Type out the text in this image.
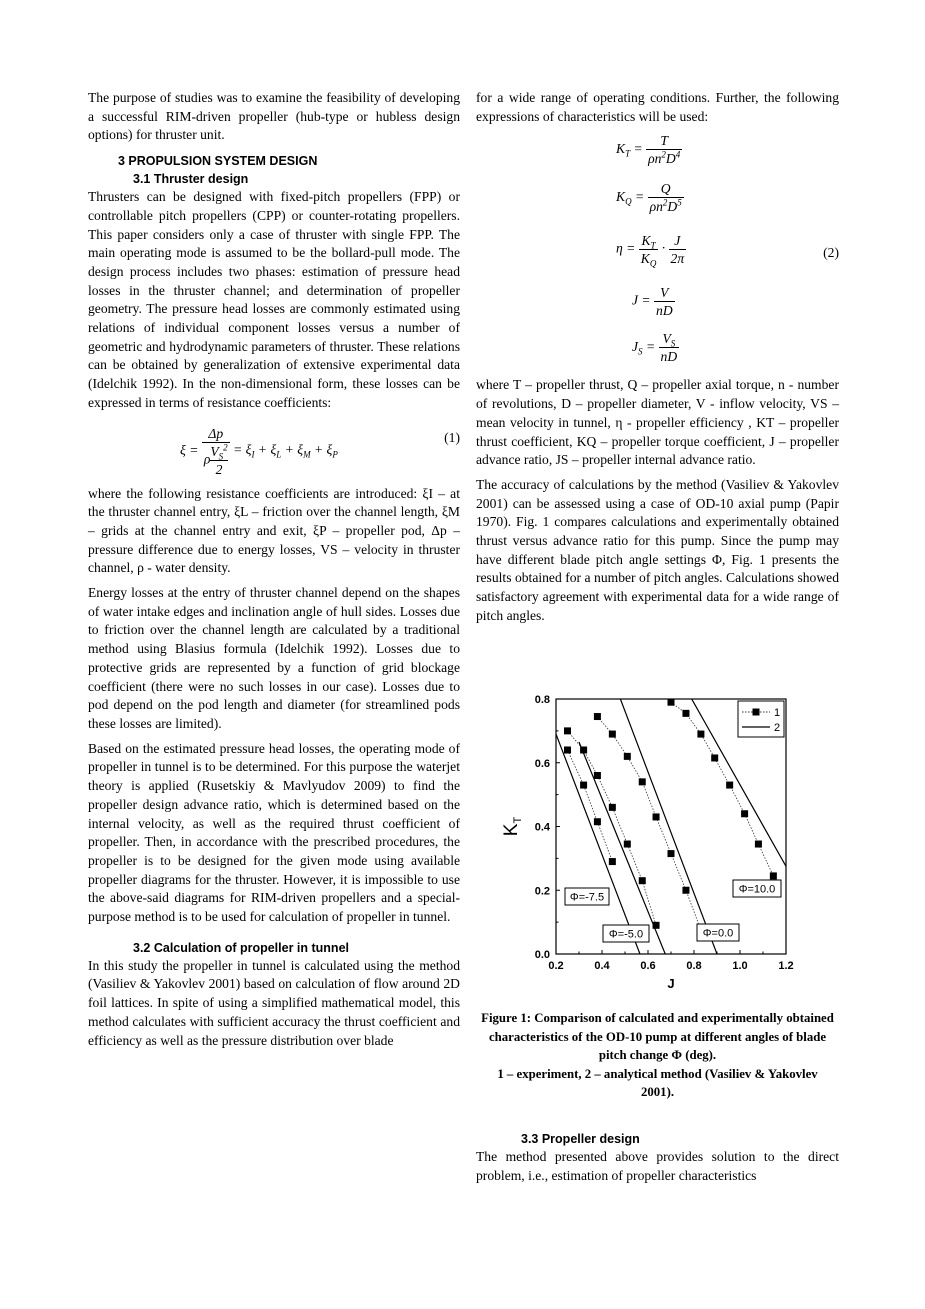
The purpose of studies was to examine the feasibility of developing a successful RIM-driven propeller (hub-type or hubless design options) for thruster unit.

3 PROPULSION SYSTEM DESIGN
3.1 Thruster design

Thrusters can be designed with fixed-pitch propellers (FPP) or controllable pitch propellers (CPP) or counter-rotating propellers. This paper considers only a case of thruster with single FPP. The main operating mode is assumed to be the bollard-pull mode. The design process includes two phases: estimation of pressure head losses in the thruster channel; and determination of propeller geometry. The pressure head losses are commonly estimated using relations of individual component losses versus a number of geometric and hydrodynamic parameters of thruster. These relations can be obtained by generalization of extensive experimental data (Idelchik 1992). In the non-dimensional form, these losses can be expressed in terms of resistance coefficients:

$\xi = \frac{\Delta p}{\rho \frac{V_S^2}{2}} = \xi_I + \xi_L + \xi_M + \xi_P$
(1)

where the following resistance coefficients are introduced: ξI – at the thruster channel entry, ξL – friction over the channel length, ξM – grids at the channel entry and exit, ξP – propeller pod, Δp – pressure difference due to energy losses, VS – velocity in thruster channel, ρ - water density.

Energy losses at the entry of thruster channel depend on the shapes of water intake edges and inclination angle of hull sides. Losses due to friction over the channel length are calculated by a traditional method using Blasius formula (Idelchik 1992). Losses due to protective grids are represented by a function of grid blockage coefficient (there were no such losses in our case). Losses due to pod depend on the pod length and diameter (for streamlined pods these losses are limited).

Based on the estimated pressure head losses, the operating mode of propeller in tunnel is to be determined. For this purpose the waterjet theory is applied (Rusetskiy & Mavlyudov 2009) to find the propeller design advance ratio, which is determined based on the internal velocity, as well as the required thrust coefficient of propeller. Then, in accordance with the prescribed procedures, the propeller is to be designed for the given mode using available propeller diagrams for the thruster. However, it is impossible to use the above-said diagrams for RIM-driven propellers and a special-purpose method is to be used for calculation of propeller in tunnel.

3.2 Calculation of propeller in tunnel

In this study the propeller in tunnel is calculated using the method (Vasiliev & Yakovlev 2001) based on calculation of flow around 2D foil lattices. In spite of using a simplified mathematical model, this method calculates with sufficient accuracy the thrust coefficient and efficiency as well as the pressure distribution over blade

for a wide range of operating conditions. Further, the following expressions of characteristics will be used:

$K_T = \frac{T}{\rho n^2D^4}$
$K_Q = \frac{Q}{\rho n^2D^5}$
$\eta = \frac{K_T}{K_Q} \cdot \frac{J}{2\pi}$
$J = \frac{V}{nD}$
$J_S = \frac{V_S}{nD}$
(2)

where T – propeller thrust, Q – propeller axial torque, n - number of revolutions, D – propeller diameter, V - inflow velocity, VS – mean velocity in tunnel, η - propeller efficiency , KT – propeller thrust coefficient, KQ – propeller torque coefficient, J – propeller advance ratio, JS – propeller internal advance ratio.

The accuracy of calculations by the method (Vasiliev & Yakovlev 2001) can be assessed using a case of OD-10 axial pump (Papir 1970). Fig. 1 compares calculations and experimentally obtained thrust versus advance ratio for this pump. Since the pump may have different blade pitch angle settings Φ, Fig. 1 presents the results obtained for a number of pitch angles. Calculations showed satisfactory agreement with experimental data for a wide range of pitch angles.

0.2	0.4	0.6	0.8	1.0	1.2
0.0
0.2
0.4
0.6
0.8
J
$K_T$
Φ=-7.5
Φ=-5.0	Φ=0.0
Φ=10.0
1
2
Figure 1: Comparison of calculated and experimentally obtained characteristics of the OD-10 pump at different angles of blade pitch change Φ (deg).
1 – experiment, 2 – analytical method (Vasiliev & Yakovlev 2001).
3.3 Propeller design

The method presented above provides solution to the direct problem, i.e., estimation of propeller characteristics
